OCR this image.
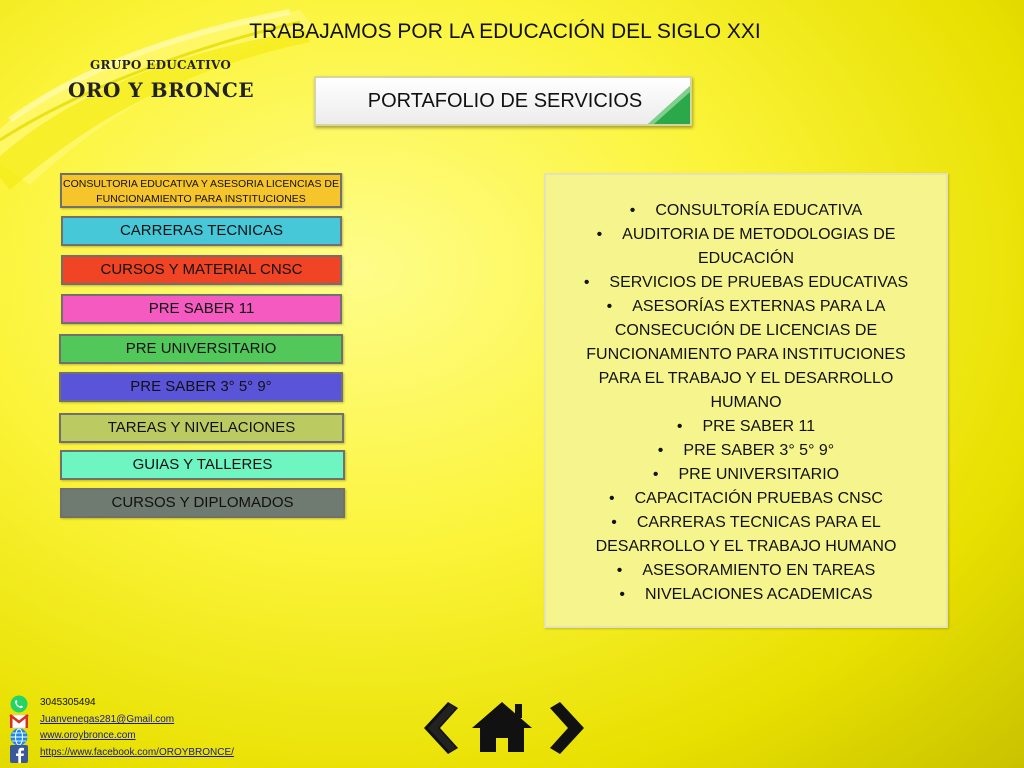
TRABAJAMOS POR LA EDUCACIÓN DEL SIGLO XXI
GRUPO EDUCATIVO
ORO Y BRONCE	PORTAFOLIO DE SERVICIOS
CONSULTORIA EDUCATIVA Y ASESORIA LICENCIAS DE FUNCIONAMIENTO PARA INSTITUCIONES
CARRERAS TECNICAS
CURSOS Y MATERIAL CNSC
PRE SABER 11
PRE UNIVERSITARIO
PRE SABER 3° 5° 9°
TAREAS Y NIVELACIONES
GUIAS Y TALLERES
CURSOS Y DIPLOMADOS
• CONSULTORÍA EDUCATIVA
• AUDITORIA DE METODOLOGIAS DE EDUCACIÓN
• SERVICIOS DE PRUEBAS EDUCATIVAS
• ASESORÍAS EXTERNAS PARA LA CONSECUCIÓN DE LICENCIAS DE FUNCIONAMIENTO PARA INSTITUCIONES PARA EL TRABAJO Y EL DESARROLLO HUMANO
• PRE SABER 11
• PRE SABER 3° 5° 9°
• PRE UNIVERSITARIO
• CAPACITACIÓN PRUEBAS CNSC
• CARRERAS TECNICAS PARA EL DESARROLLO Y EL TRABAJO HUMANO
• ASESORAMIENTO EN TAREAS
• NIVELACIONES ACADEMICAS
3045305494
Juanvenegas281@Gmail.com
www.oroybronce.com
https://www.facebook.com/OROYBRONCE/
